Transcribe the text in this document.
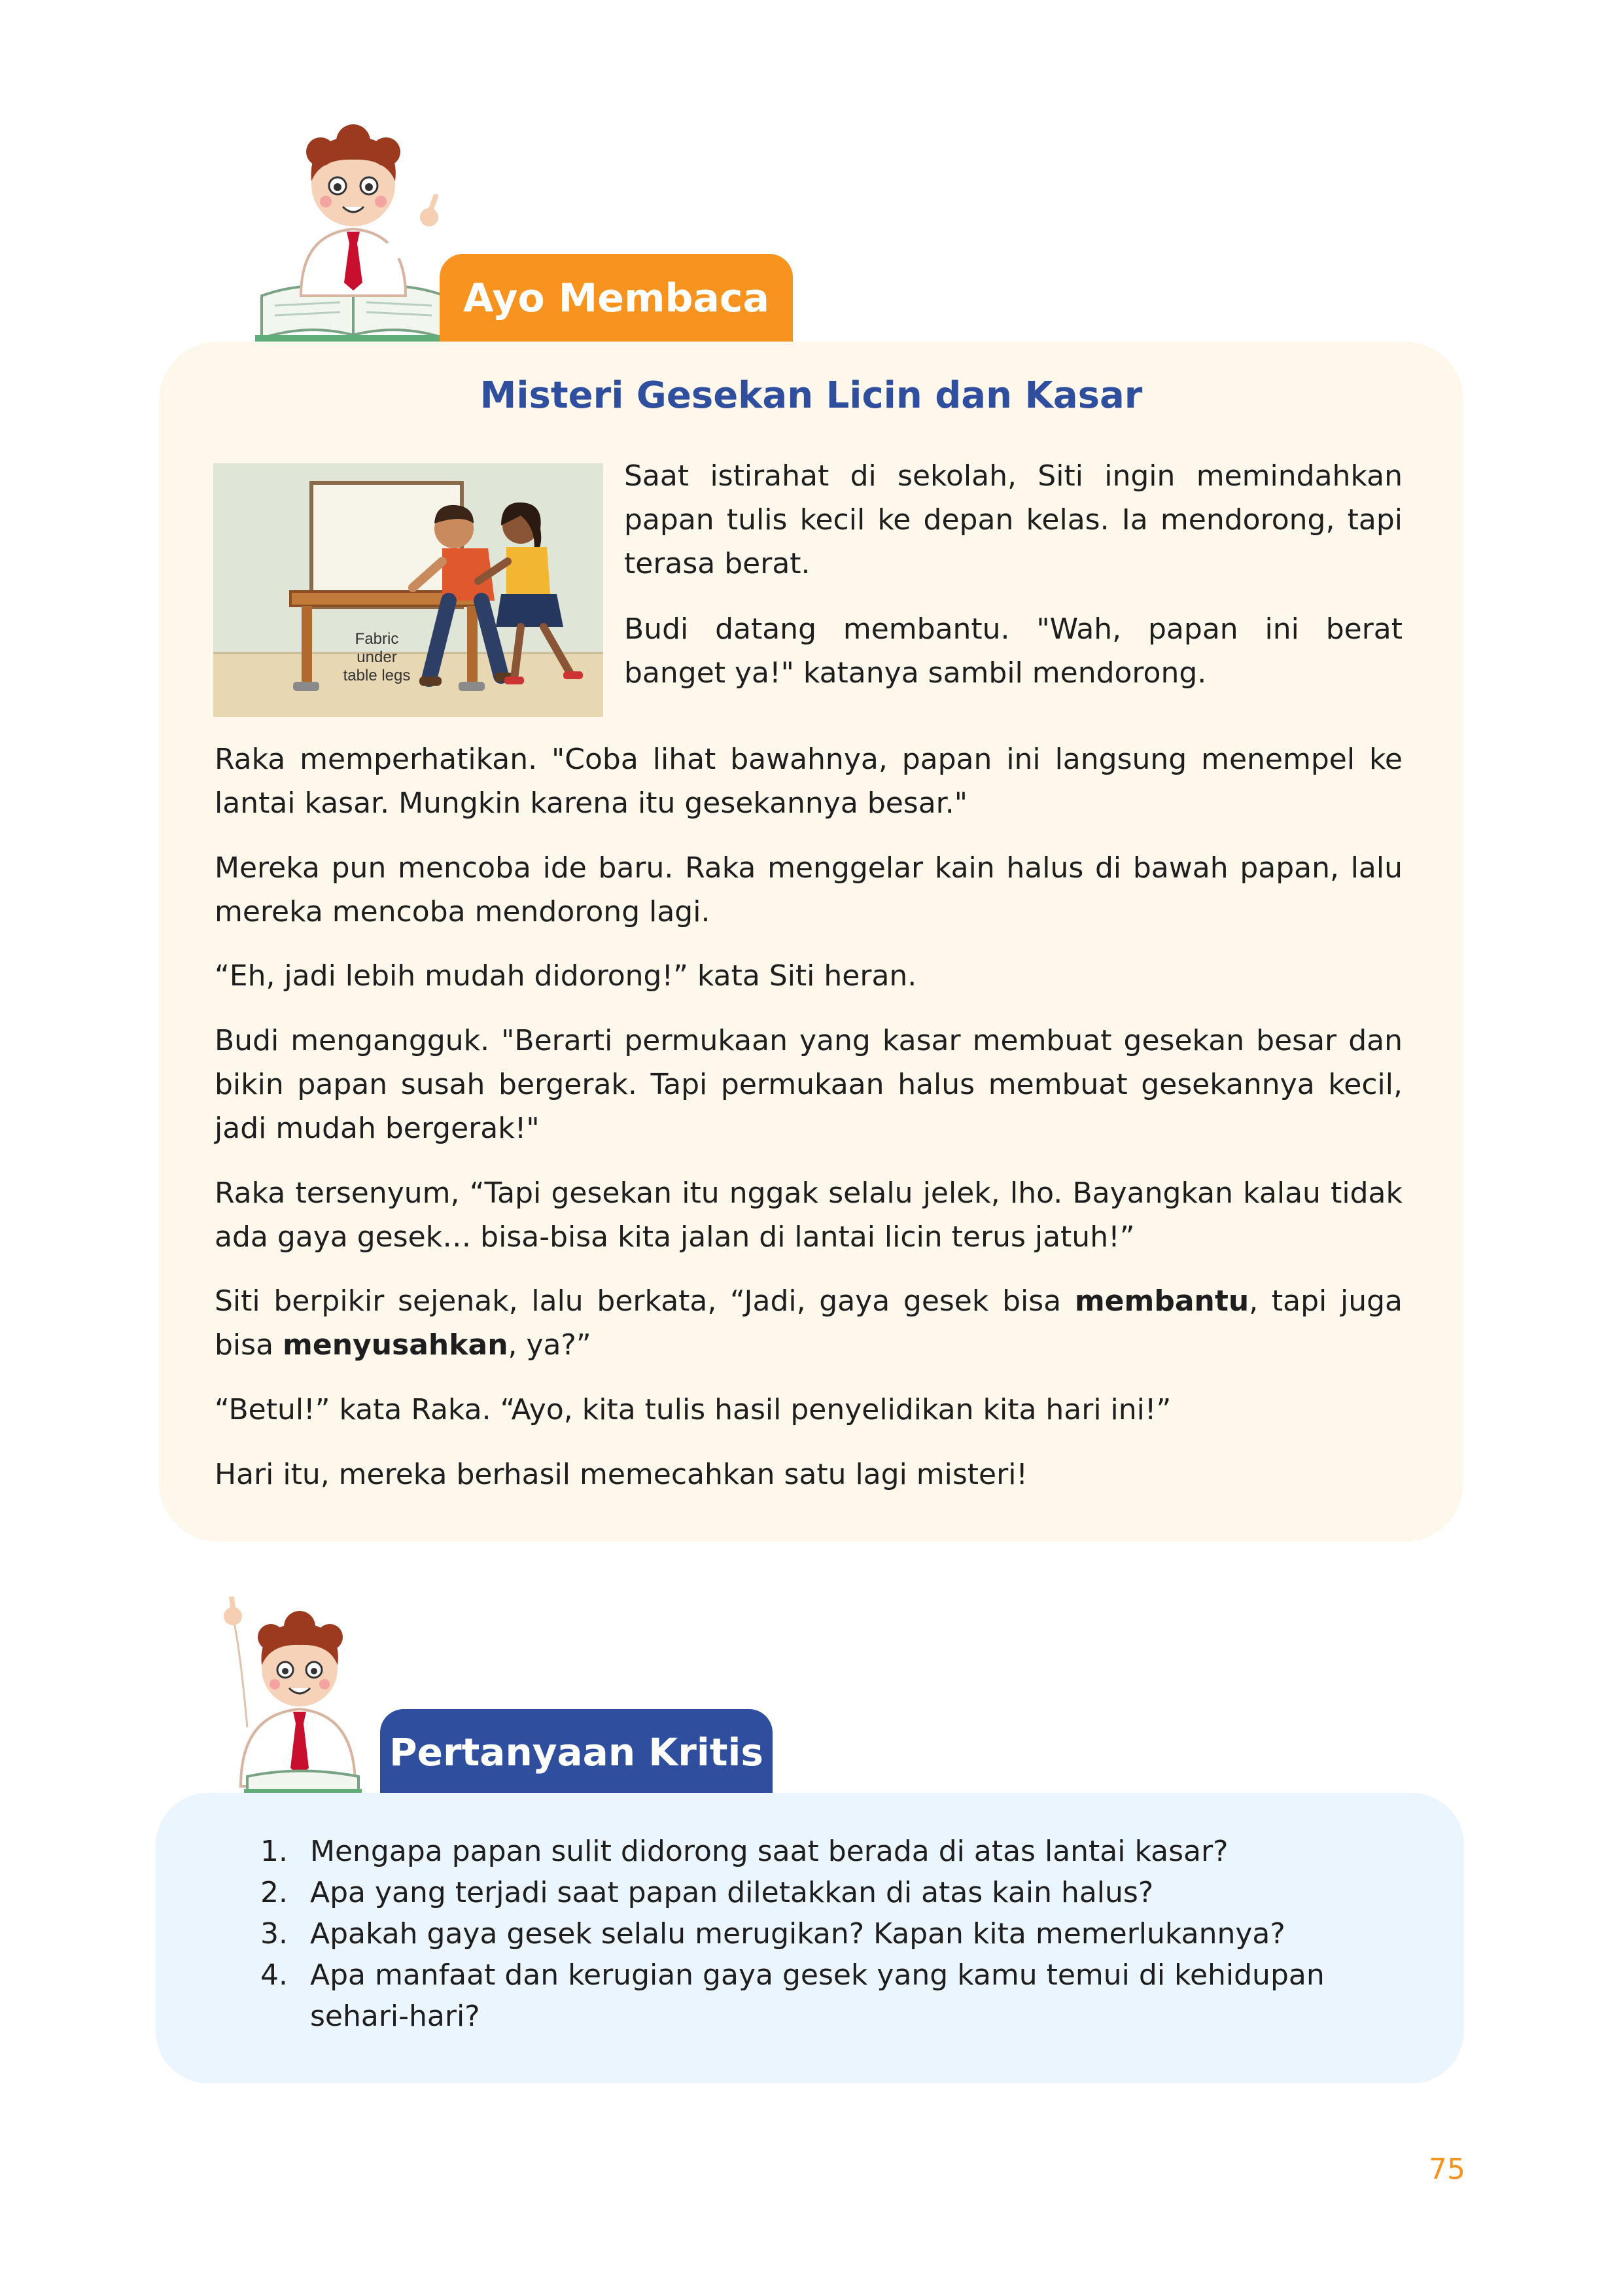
Ayo Membaca
Misteri Gesekan Licin dan Kasar
Fabric
under
table legs

Saat istirahat di sekolah, Siti ingin memindahkan papan tulis kecil ke depan kelas. Ia mendorong, tapi terasa berat.

Budi datang membantu. "Wah, papan ini berat banget ya!" katanya sambil mendorong.

Raka memperhatikan. "Coba lihat bawahnya, papan ini langsung menempel ke lantai kasar. Mungkin karena itu gesekannya besar."

Mereka pun mencoba ide baru. Raka menggelar kain halus di bawah papan, lalu mereka mencoba mendorong lagi.

“Eh, jadi lebih mudah didorong!” kata Siti heran.

Budi mengangguk. "Berarti permukaan yang kasar membuat gesekan besar dan bikin papan susah bergerak. Tapi permukaan halus membuat gesekannya kecil, jadi mudah bergerak!"

Raka tersenyum, “Tapi gesekan itu nggak selalu jelek, lho. Bayangkan kalau tidak ada gaya gesek… bisa-bisa kita jalan di lantai licin terus jatuh!”

Siti berpikir sejenak, lalu berkata, “Jadi, gaya gesek bisa membantu, tapi juga bisa menyusahkan, ya?”

“Betul!” kata Raka. “Ayo, kita tulis hasil penyelidikan kita hari ini!”

Hari itu, mereka berhasil memecahkan satu lagi misteri!

Pertanyaan Kritis
1. Mengapa papan sulit didorong saat berada di atas lantai kasar?
2. Apa yang terjadi saat papan diletakkan di atas kain halus?
3. Apakah gaya gesek selalu merugikan? Kapan kita memerlukannya?
4. Apa manfaat dan kerugian gaya gesek yang kamu temui di kehidupan sehari-hari?
75
